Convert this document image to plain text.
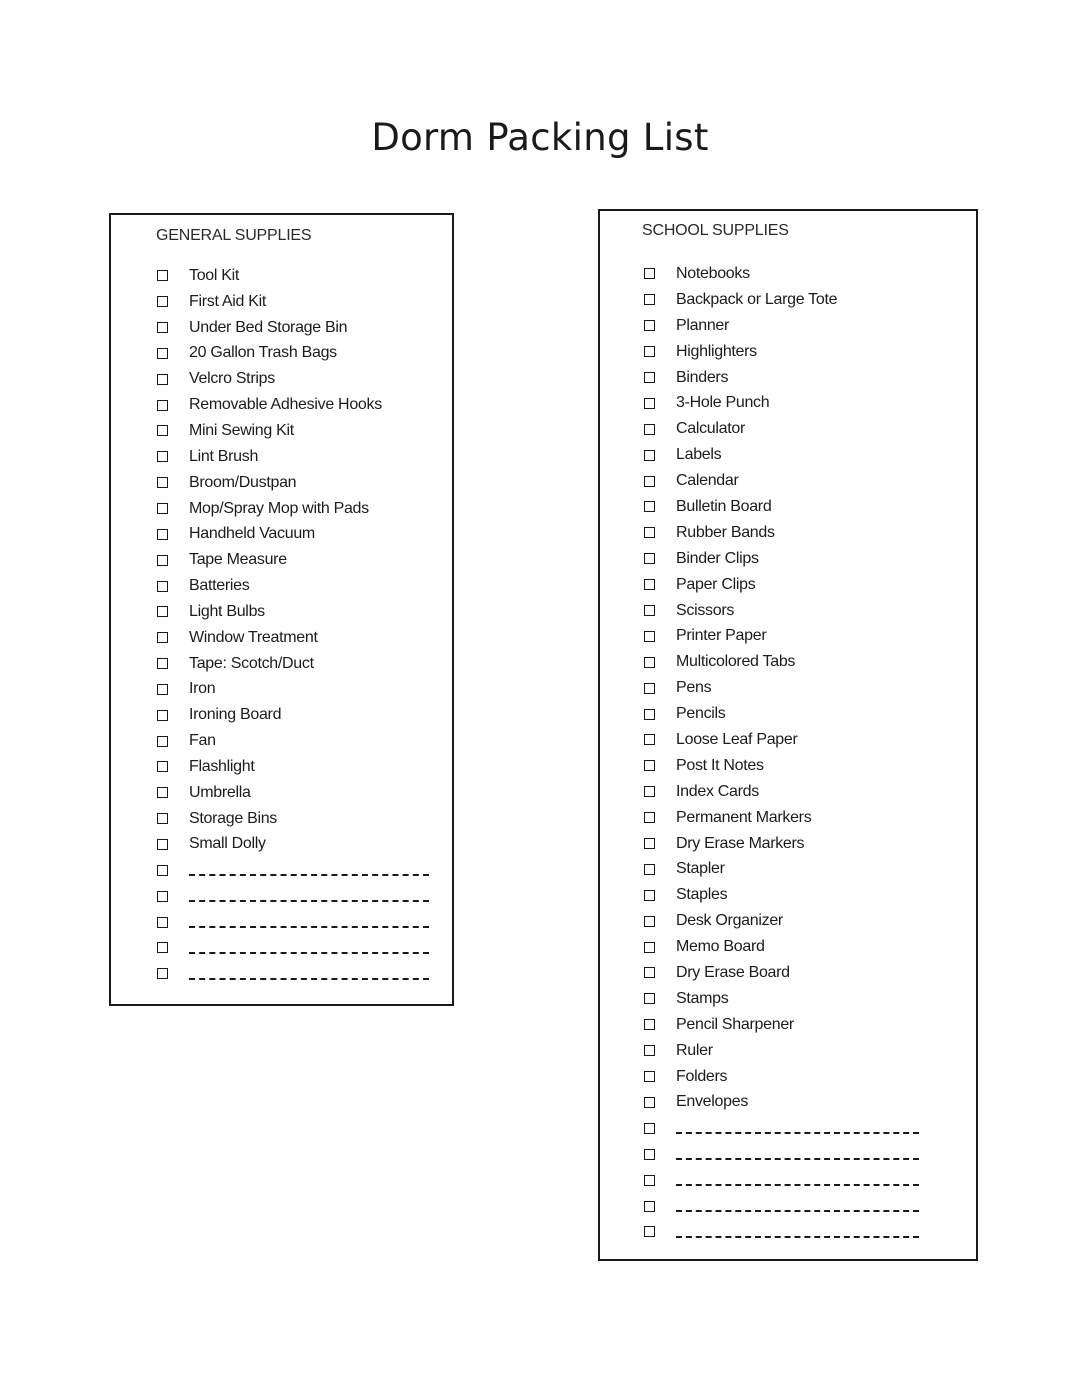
Dorm Packing List
GENERAL SUPPLIES
Tool Kit
First Aid Kit
Under Bed Storage Bin
20 Gallon Trash Bags
Velcro Strips
Removable Adhesive Hooks
Mini Sewing Kit
Lint Brush
Broom/Dustpan
Mop/Spray Mop with Pads
Handheld Vacuum
Tape Measure
Batteries
Light Bulbs
Window Treatment
Tape: Scotch/Duct
Iron
Ironing Board
Fan
Flashlight
Umbrella
Storage Bins
Small Dolly
SCHOOL SUPPLIES
Notebooks
Backpack or Large Tote
Planner
Highlighters
Binders
3-Hole Punch
Calculator
Labels
Calendar
Bulletin Board
Rubber Bands
Binder Clips
Paper Clips
Scissors
Printer Paper
Multicolored Tabs
Pens
Pencils
Loose Leaf Paper
Post It Notes
Index Cards
Permanent Markers
Dry Erase Markers
Stapler
Staples
Desk Organizer
Memo Board
Dry Erase Board
Stamps
Pencil Sharpener
Ruler
Folders
Envelopes
